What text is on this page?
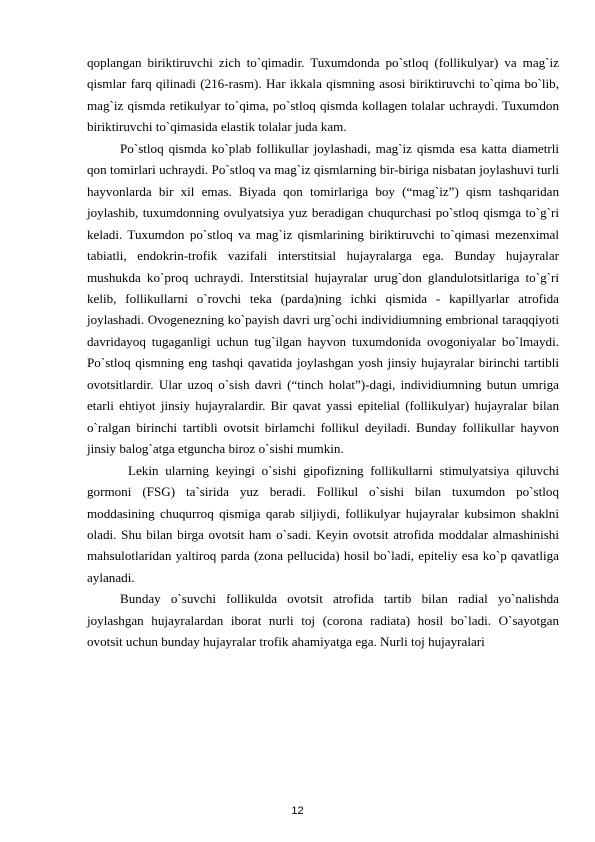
qoplangan biriktiruvchi zich to`qimadir. Tuxumdonda po`stloq (follikulyar) va mag`iz qismlar farq qilinadi (216-rasm). Har ikkala qismning asosi biriktiruvchi to`qima bo`lib, mag`iz qismda retikulyar to`qima, po`stloq qismda kollagen tolalar uchraydi. Tuxumdon biriktiruvchi to`qimasida elastik tolalar juda kam.

Po`stloq qismda ko`plab follikullar joylashadi, mag`iz qismda esa katta diametrli qon tomirlari uchraydi. Po`stloq va mag`iz qismlarning bir-biriga nisbatan joylashuvi turli hayvonlarda bir xil emas. Biyada qon tomirlariga boy (“mag`iz”) qism tashqaridan joylashib, tuxumdonning ovulyatsiya yuz beradigan chuqurchasi po`stloq qismga to`g`ri keladi. Tuxumdon po`stloq va mag`iz qismlarining biriktiruvchi to`qimasi mezenximal tabiatli, endokrin-trofik vazifali interstitsial hujayralarga ega. Bunday hujayralar mushukda ko`proq uchraydi. Interstitsial hujayralar urug`don glandulotsitlariga to`g`ri kelib, follikullarni o`rovchi teka (parda)ning ichki qismida - kapillyarlar atrofida joylashadi. Ovogenezning ko`payish davri urg`ochi individiumning embrional taraqqiyoti davridayoq tugaganligi uchun tug`ilgan hayvon tuxumdonida ovogoniyalar bo`lmaydi. Po`stloq qismning eng tashqi qavatida joylashgan yosh jinsiy hujayralar birinchi tartibli ovotsitlardir. Ular uzoq o`sish davri (“tinch holat”)-dagi, individiumning butun umriga etarli ehtiyot jinsiy hujayralardir. Bir qavat yassi epitelial (follikulyar) hujayralar bilan o`ralgan birinchi tartibli ovotsit birlamchi follikul deyiladi. Bunday follikullar hayvon jinsiy balog`atga etguncha biroz o`sishi mumkin.

Lekin ularning keyingi o`sishi gipofizning follikullarni stimulyatsiya qiluvchi gormoni (FSG) ta`sirida yuz beradi. Follikul o`sishi bilan tuxumdon po`stloq moddasining chuqurroq qismiga qarab siljiydi, follikulyar hujayralar kubsimon shaklni oladi. Shu bilan birga ovotsit ham o`sadi. Keyin ovotsit atrofida moddalar almashinishi mahsulotlaridan yaltiroq parda (zona pellucida) hosil bo`ladi, epiteliy esa ko`p qavatliga aylanadi.

Bunday o`suvchi follikulda ovotsit atrofida tartib bilan radial yo`nalishda joylashgan hujayralardan iborat nurli toj (corona radiata) hosil bo`ladi. O`sayotgan ovotsit uchun bunday hujayralar trofik ahamiyatga ega. Nurli toj hujayralari

12
